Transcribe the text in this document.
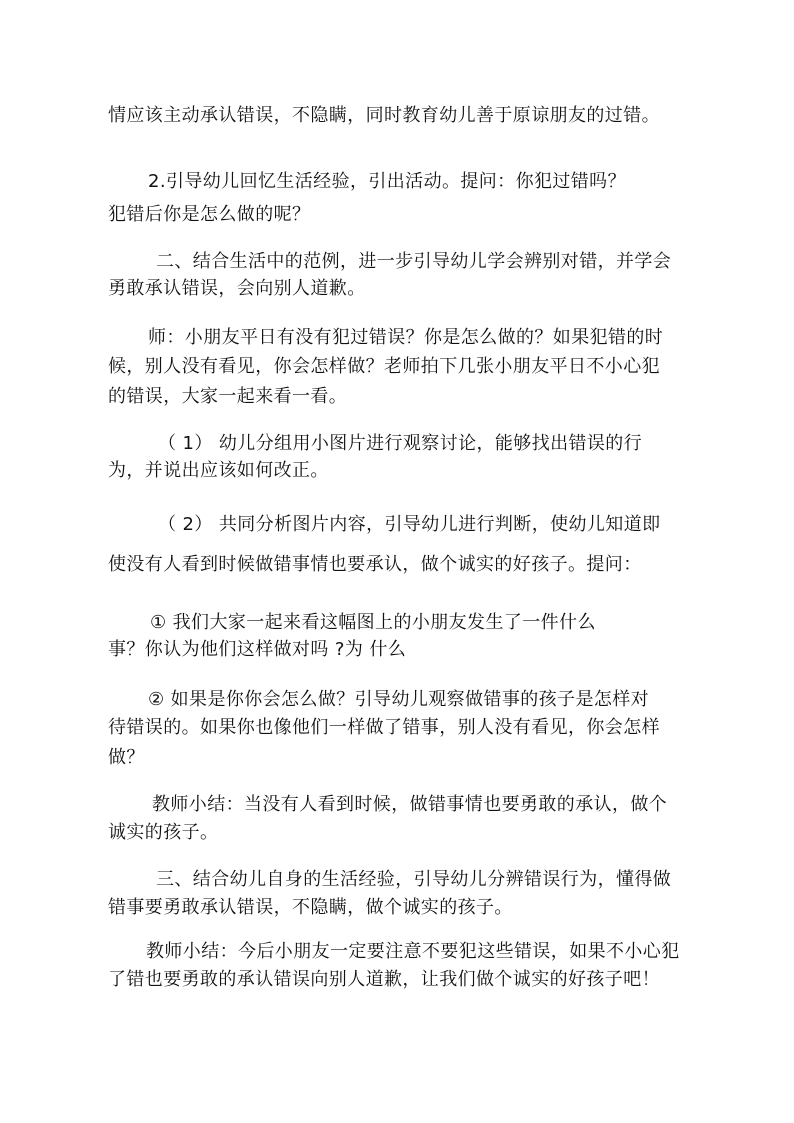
情应该主动承认错误，不隐瞒，同时教育幼儿善于原谅朋友的过错。
2.引导幼儿回忆生活经验，引出活动。提问：你犯过错吗？
犯错后你是怎么做的呢？
二、结合生活中的范例，进一步引导幼儿学会辨别对错，并学会
勇敢承认错误，会向别人道歉。
师：小朋友平日有没有犯过错误？你是怎么做的？如果犯错的时
候，别人没有看见，你会怎样做？老师拍下几张小朋友平日不小心犯
的错误，大家一起来看一看。
（ 1） 幼儿分组用小图片进行观察讨论，能够找出错误的行
为，并说出应该如何改正。
（ 2） 共同分析图片内容，引导幼儿进行判断，使幼儿知道即
使没有人看到时候做错事情也要承认，做个诚实的好孩子。提问：
① 我们大家一起来看这幅图上的小朋友发生了一件什么
事？你认为他们这样做对吗 ?为 什么
② 如果是你你会怎么做？引导幼儿观察做错事的孩子是怎样对
待错误的。如果你也像他们一样做了错事，别人没有看见，你会怎样
做？
教师小结：当没有人看到时候，做错事情也要勇敢的承认，做个
诚实的孩子。
三、结合幼儿自身的生活经验，引导幼儿分辨错误行为，懂得做
错事要勇敢承认错误，不隐瞒，做个诚实的孩子。
教师小结：今后小朋友一定要注意不要犯这些错误，如果不小心犯
了错也要勇敢的承认错误向别人道歉，让我们做个诚实的好孩子吧！
